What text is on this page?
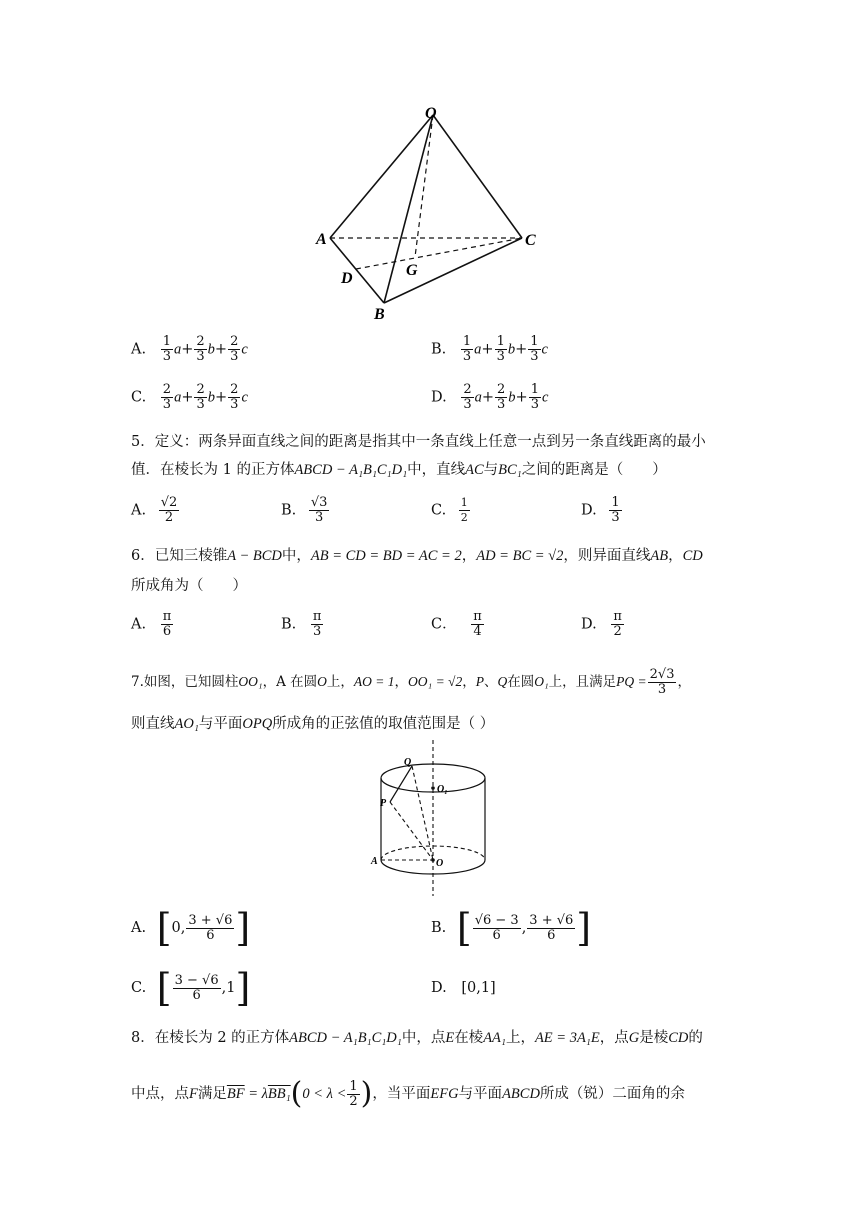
O
A	C
D	G
B
A. $\frac{1}{3} a+ \frac{2}{3} b+ \frac{2}{3}$ c	B. $\frac{1}{3} a+ \frac{1}{3} b+ \frac{1}{3}$ c
C. $\frac{2}{3} a+ \frac{2}{3} b+ \frac{2}{3}$ c	D. $\frac{2}{3} a+ \frac{2}{3} b+ \frac{1}{3}$ c
5．定义：两条异面直线之间的距离是指其中一条直线上任意一点到另一条直线距离的最小
值．在棱长为 1 的正方体ABCD − A₁B₁C₁D₁中，直线AC与BC₁之间的距离是（　　）
A. $\frac{√2}{2}$	B. $\frac{√3}{3}$	C. $\frac{1}{2}$	D. $\frac{1}{3}$
6．已知三棱锥A − BCD中，AB = CD = BD = AC = 2，AD = BC = √2，则异面直线AB，CD
所成角为（　　）
A. $\frac{\pi}{6}$	B. $\frac{\pi}{3}$	C． $\frac{\pi}{4}$	D. $\frac{\pi}{2}$
7.如图，已知圆柱OO₁，A 在圆O上，AO = 1，OO₁ = √2，P、Q在圆O₁上，且满足PQ = $\frac{2√3}{3}$ ，
则直线AO₁与平面OPQ所成角的正弦值的取值范围是（ ）
Q
O₁
P
A	O
A. [0, $\frac{3 + √6}{6}$ ]	B. [ $\frac{√6 - 3}{6}$ , $\frac{3 + √6}{6}$ ]
C. [ $\frac{3 - √6}{6} ,1$]	D. [0,1]
8．在棱长为 2 的正方体ABCD − A₁B₁C₁D₁中，点E在棱AA₁上，AE = 3A₁E，点G是棱CD的
中点，点F满足$\overline{BF} = \lambda BB_1(0 < \lambda < \frac{1}{2}$ )，当平面EFG与平面ABCD所成（锐）二面角的余
